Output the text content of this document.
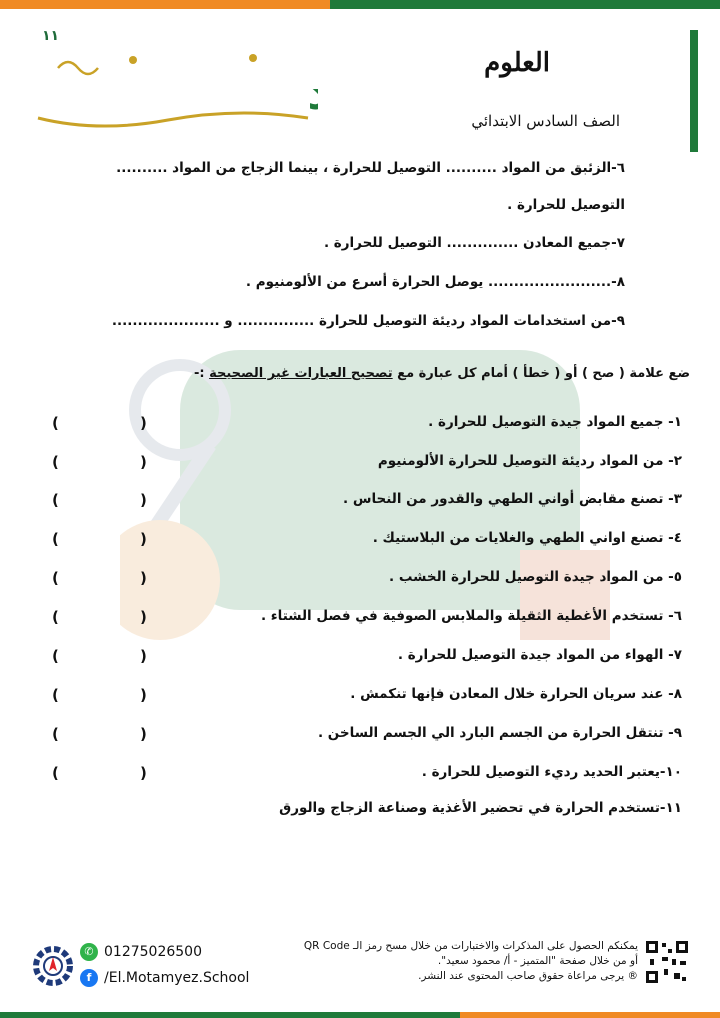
١١
العلوم
الصف السادس الابتدائي
٦-الزئبق من المواد .......... التوصيل للحرارة ، بينما الزجاج من المواد ..........
التوصيل للحرارة .
٧-جميع المعادن .............. التوصيل للحرارة .
٨-........................ يوصل الحرارة أسرع من الألومنيوم .
٩-من استخدامات المواد رديئة التوصيل للحرارة ............... و .....................
ضع علامة ( صح ) أو ( خطأ ) أمام كل عبارة مع تصحيح العبارات غير الصحيحة :-
١- جميع المواد جيدة التوصيل للحرارة .
(
)
٢- من المواد رديئة التوصيل للحرارة الألومنيوم
(
)
٣- تصنع مقابض أواني الطهي والقدور من النحاس .
(
)
٤- تصنع اواني الطهي والغلايات من البلاستيك .
(
)
٥- من المواد جيدة التوصيل للحرارة الخشب .
(
)
٦- تستخدم الأغطية الثقيلة والملابس الصوفية في فصل الشتاء .
(
)
٧- الهواء من المواد جيدة التوصيل للحرارة .
(
)
٨- عند سريان الحرارة خلال المعادن فإنها تنكمش .
(
)
٩- تنتقل الحرارة من الجسم البارد الي الجسم الساخن .
(
)
١٠-يعتبر الحديد رديء التوصيل للحرارة .
(
)
١١-تستخدم الحرارة في تحضير الأغذية وصناعة الزجاج والورق
✆ 01275026500
f /El.Motamyez.School
يمكنكم الحصول على المذكرات والاختبارات من خلال مسح رمز الـ QR Code
أو من خلال صفحة "المتميز - أ/ محمود سعيد".
® يرجى مراعاة حقوق صاحب المحتوى عند النشر.
